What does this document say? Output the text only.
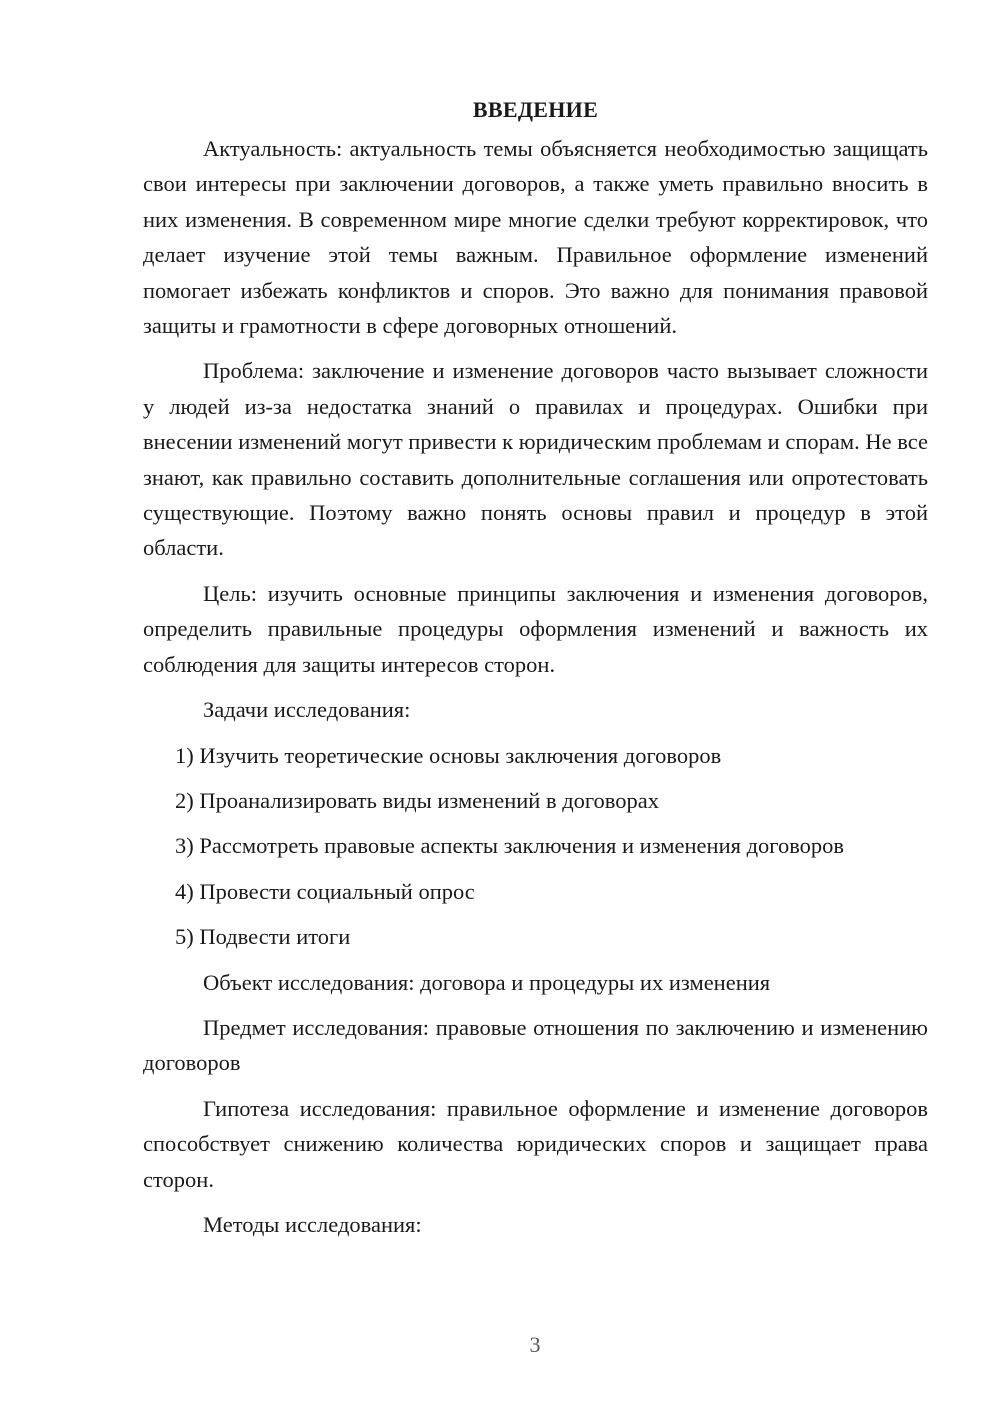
ВВЕДЕНИЕ

Актуальность: актуальность темы объясняется необходимостью защищать свои интересы при заключении договоров, а также уметь правильно вносить в них изменения. В современном мире многие сделки требуют корректировок, что делает изучение этой темы важным. Правильное оформление изменений помогает избежать конфликтов и споров. Это важно для понимания правовой защиты и грамотности в сфере договорных отношений.

Проблема: заключение и изменение договоров часто вызывает сложности у людей из-за недостатка знаний о правилах и процедурах. Ошибки при внесении изменений могут привести к юридическим проблемам и спорам. Не все знают, как правильно составить дополнительные соглашения или опротестовать существующие. Поэтому важно понять основы правил и процедур в этой области.

Цель: изучить основные принципы заключения и изменения договоров, определить правильные процедуры оформления изменений и важность их соблюдения для защиты интересов сторон.

Задачи исследования:

1) Изучить теоретические основы заключения договоров
2) Проанализировать виды изменений в договорах
3) Рассмотреть правовые аспекты заключения и изменения договоров
4) Провести социальный опрос
5) Подвести итоги

Объект исследования: договора и процедуры их изменения

Предмет исследования: правовые отношения по заключению и изменению договоров

Гипотеза исследования: правильное оформление и изменение договоров способствует снижению количества юридических споров и защищает права сторон.

Методы исследования:

3
